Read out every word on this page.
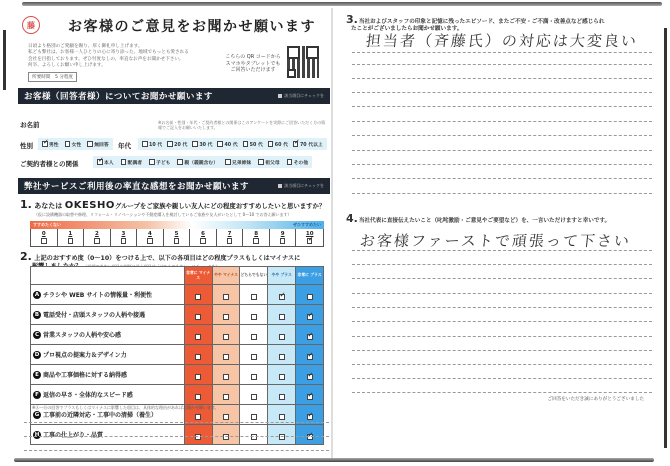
藤 お客様のご意見をお聞かせ願います
日頃より格別のご愛顧を賜り、厚く御礼申し上げます。
私ども弊社は、お客様一人ひとりの心に寄り添った、地域でもっとも愛される
会社を目指しております。ぜひ忖度なしの、率直なお声をお聞かせ下さい。
何卒、よろしくお願い申し上げます。
所要時間　5 分程度
こちらの QR コードから スマホやタブレットでも ご回答いただけます
お客様（回答者様）についてお聞かせ願います	該当項目にチェックを
お名前	※お名前・性別・年代・ご契約者様との関係はこのアンケートを実際にご回答いただく方の情報でご記入をお願いいたします。
性別 ✓	男性	女性	無回答 年代	10 代	20 代	30 代	40 代	50 代	60 代 ✓	70 代以上
ご契約者様との関係 ✓	本人	配偶者	子ども	親（義親含む）	兄弟姉妹	祖父母	その他
弊社サービスご利用後の率直な感想をお聞かせ願います	該当項目にチェックを
1. あなたは OKESHOグループをご家族や親しい友人にどの程度おすすめしたいと思いますか？
（仮に設備機器の取替や修理、リフォーム・リノベーションや不動産購入を検討しているご家族や友人がいたとして 0〜10 でお答え願います）
すすめたくない	ぜひすすめたい
0	1	2	3	4	5	6	7	8	9	10
✓
2. 上記のおすすめ度（0〜10）をつける上で、以下の各項目はどの程度プラスもしくはマイナスに
	非常に マイナス	やや マイナス	どちらでもない	やや プラス	非常に プラス
A チラシや WEB サイトの情報量・利便性				✓	
B 電話受付・店頭スタッフの人柄や接遇					✓
C 営業スタッフの人柄や安心感					✓
D プロ視点の提案力＆デザイン力					✓
E 商品や工事価格に対する納得感					✓
F 返信の早さ・全体的なスピード感					✓
G 工事前の近隣対応・工事中の清掃（養生）					✓
H 工事の仕上がり・品質					✓
※Ⓐ〜Ⓗの回答でプラスもしくはマイナスに影響した項目は、具体的な理由があればお聞かせ願います。
3.当社およびスタッフの印象と記憶に残ったエピソード、またご不安・ご不満・改善点など感じられ
たことがございましたらお聞かせ願います。
担当者（斉藤氏）の対応は大変良い
4.当社代表に直接伝えたいこと（叱咤激励・ご意見やご要望など）を、一言いただけますと幸いです。
お客様ファーストで頑張って下さい
ご回答をいただき誠にありがとうございました
